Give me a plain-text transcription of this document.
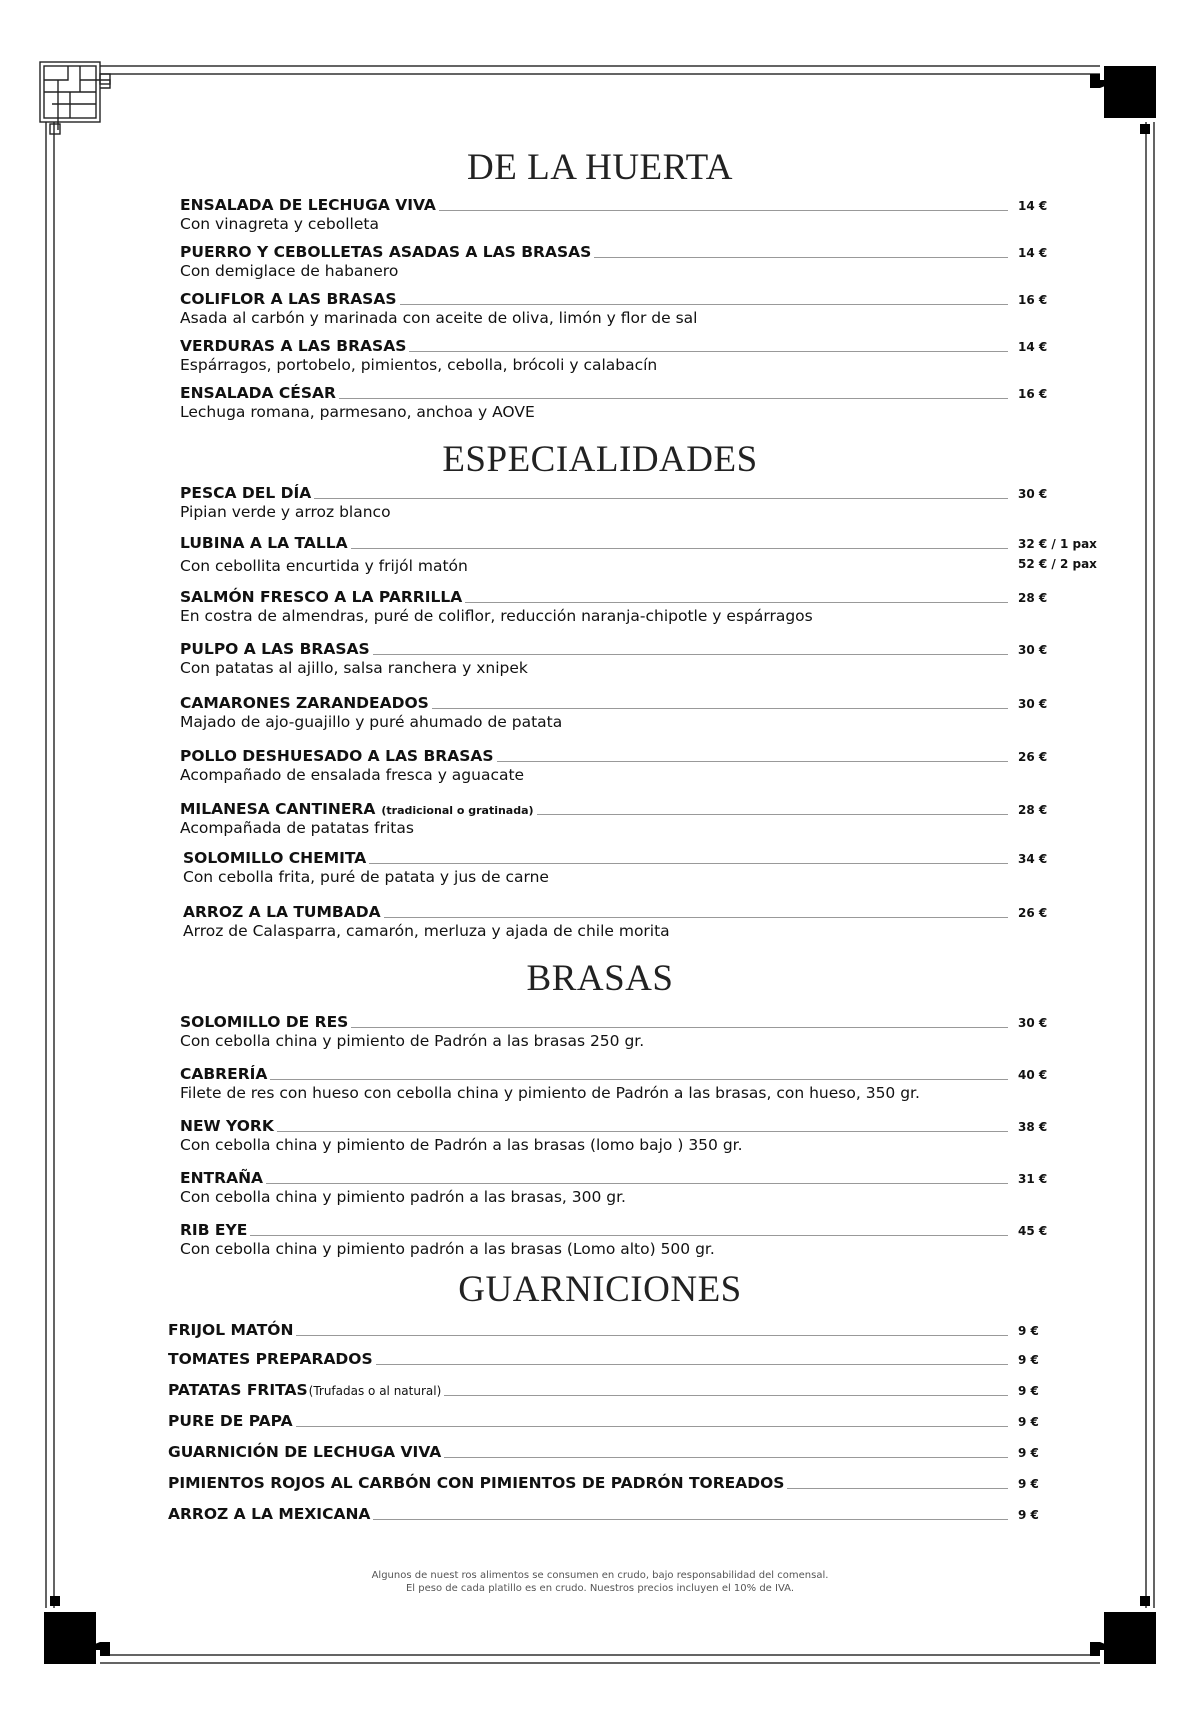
DE LA HUERTA
ESPECIALIDADES
BRASAS
GUARNICIONES
ENSALADA DE LECHUGA VIVA	14 €
Con vinagreta y cebolleta
PUERRO Y CEBOLLETAS ASADAS A LAS BRASAS	14 €
Con demiglace de habanero
COLIFLOR A LAS BRASAS	16 €
Asada al carbón y marinada con aceite de oliva, limón y flor de sal
VERDURAS A LAS BRASAS	14 €
Espárragos, portobelo, pimientos, cebolla, brócoli y calabacín
ENSALADA CÉSAR	16 €
Lechuga romana, parmesano, anchoa y AOVE
PESCA DEL DÍA	30 €
Pipian verde y arroz blanco
LUBINA A LA TALLA	32 € / 1 pax
52 € / 2 pax
Con cebollita encurtida y frijól matón
SALMÓN FRESCO A LA PARRILLA	28 €
En costra de almendras, puré de coliflor, reducción naranja-chipotle y espárragos
PULPO A LAS BRASAS	30 €
Con patatas al ajillo, salsa ranchera y xnipek
CAMARONES ZARANDEADOS	30 €
Majado de ajo-guajillo y puré ahumado de patata
POLLO DESHUESADO A LAS BRASAS	26 €
Acompañado de ensalada fresca y aguacate
MILANESA CANTINERA (tradicional o gratinada)	28 €
Acompañada de patatas fritas
SOLOMILLO CHEMITA	34 €
Con cebolla frita, puré de patata y jus de carne
ARROZ A LA TUMBADA	26 €
Arroz de Calasparra, camarón, merluza y ajada de chile morita
SOLOMILLO DE RES	30 €
Con cebolla china y pimiento de Padrón a las brasas 250 gr.
CABRERÍA	40 €
Filete de res con hueso con cebolla china y pimiento de Padrón a las brasas, con hueso, 350 gr.
NEW YORK	38 €
Con cebolla china y pimiento de Padrón a las brasas (lomo bajo ) 350 gr.
ENTRAÑA	31 €
Con cebolla china y pimiento padrón a las brasas, 300 gr.
RIB EYE	45 €
Con cebolla china y pimiento padrón a las brasas (Lomo alto) 500 gr.
FRIJOL MATÓN	9 €
TOMATES PREPARADOS	9 €
PATATAS FRITAS(Trufadas o al natural)	9 €
PURE DE PAPA	9 €
GUARNICIÓN DE LECHUGA VIVA	9 €
PIMIENTOS ROJOS AL CARBÓN CON PIMIENTOS DE PADRÓN TOREADOS	9 €
ARROZ A LA MEXICANA	9 €
Algunos de nuest ros alimentos se consumen en crudo, bajo responsabilidad del comensal.
El peso de cada platillo es en crudo. Nuestros precios incluyen el 10% de IVA.
